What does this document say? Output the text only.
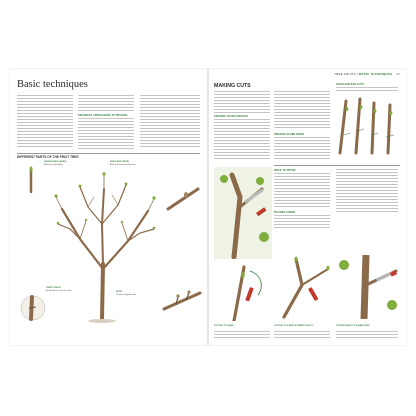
Basic techniques
DIFFERENT APPROACHES TO PRUNING
DIFFERENT PARTS OF THE FRUIT TREE
GROWTH BUD (APEX)
Whichever growing tip
FRUIT BUD (SPUR)
A flat and more prominent bud
CRAFT UNION
At the base of a fruit tree trunk
SPUR
To ripen and gather fruit
TREE FRUITS | BASIC TECHNIQUES 47
MAKING CUTS
PRUNING YOUNG GROWTH
PRUNING OLDER WOOD
GOOD AND BAD CUTS
WHEN TO PRUNE
TRAINED FORMS
CUTTING TO A BUD	CUTTING TO A REPLACEMENT SHOOT	CUTTING BACK TO A MAIN STEM
